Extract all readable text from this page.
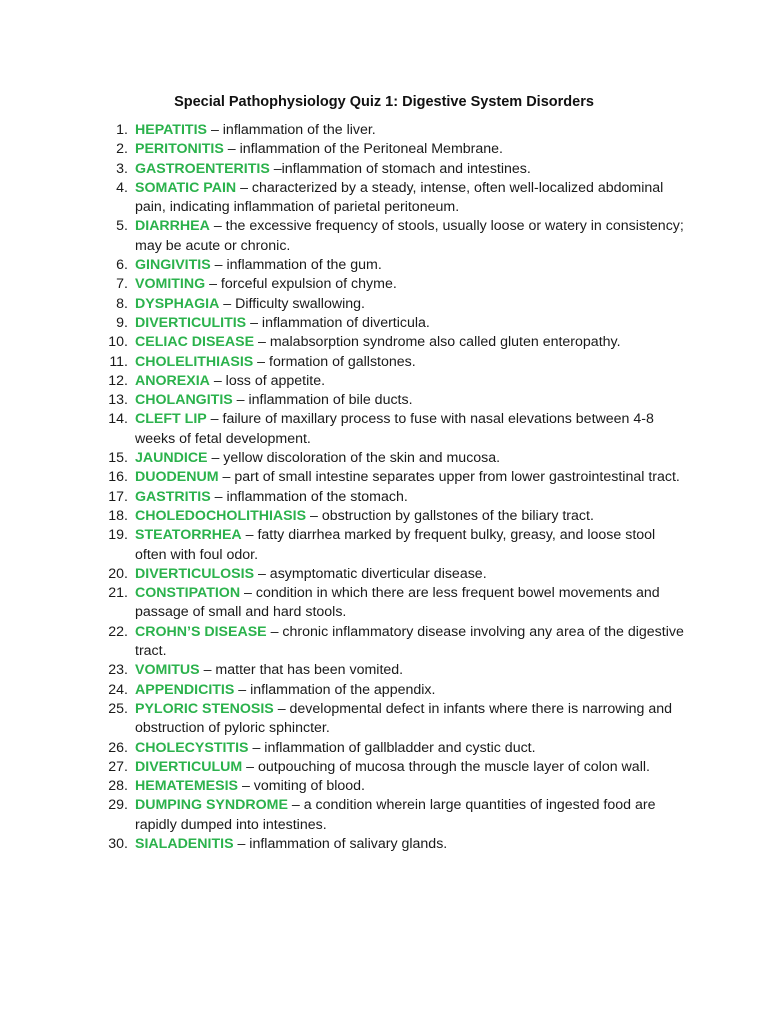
Special Pathophysiology Quiz 1: Digestive System Disorders
1. HEPATITIS – inflammation of the liver.
2. PERITONITIS – inflammation of the Peritoneal Membrane.
3. GASTROENTERITIS –inflammation of stomach and intestines.
4. SOMATIC PAIN – characterized by a steady, intense, often well-localized abdominal pain, indicating inflammation of parietal peritoneum.
5. DIARRHEA – the excessive frequency of stools, usually loose or watery in consistency; may be acute or chronic.
6. GINGIVITIS – inflammation of the gum.
7. VOMITING – forceful expulsion of chyme.
8. DYSPHAGIA – Difficulty swallowing.
9. DIVERTICULITIS – inflammation of diverticula.
10. CELIAC DISEASE – malabsorption syndrome also called gluten enteropathy.
11. CHOLELITHIASIS – formation of gallstones.
12. ANOREXIA – loss of appetite.
13. CHOLANGITIS – inflammation of bile ducts.
14. CLEFT LIP – failure of maxillary process to fuse with nasal elevations between 4-8 weeks of fetal development.
15. JAUNDICE – yellow discoloration of the skin and mucosa.
16. DUODENUM – part of small intestine separates upper from lower gastrointestinal tract.
17. GASTRITIS – inflammation of the stomach.
18. CHOLEDOCHOLITHIASIS – obstruction by gallstones of the biliary tract.
19. STEATORRHEA – fatty diarrhea marked by frequent bulky, greasy, and loose stool often with foul odor.
20. DIVERTICULOSIS – asymptomatic diverticular disease.
21. CONSTIPATION – condition in which there are less frequent bowel movements and passage of small and hard stools.
22. CROHN’S DISEASE – chronic inflammatory disease involving any area of the digestive tract.
23. VOMITUS – matter that has been vomited.
24. APPENDICITIS – inflammation of the appendix.
25. PYLORIC STENOSIS – developmental defect in infants where there is narrowing and obstruction of pyloric sphincter.
26. CHOLECYSTITIS – inflammation of gallbladder and cystic duct.
27. DIVERTICULUM – outpouching of mucosa through the muscle layer of colon wall.
28. HEMATEMESIS – vomiting of blood.
29. DUMPING SYNDROME – a condition wherein large quantities of ingested food are rapidly dumped into intestines.
30. SIALADENITIS – inflammation of salivary glands.
